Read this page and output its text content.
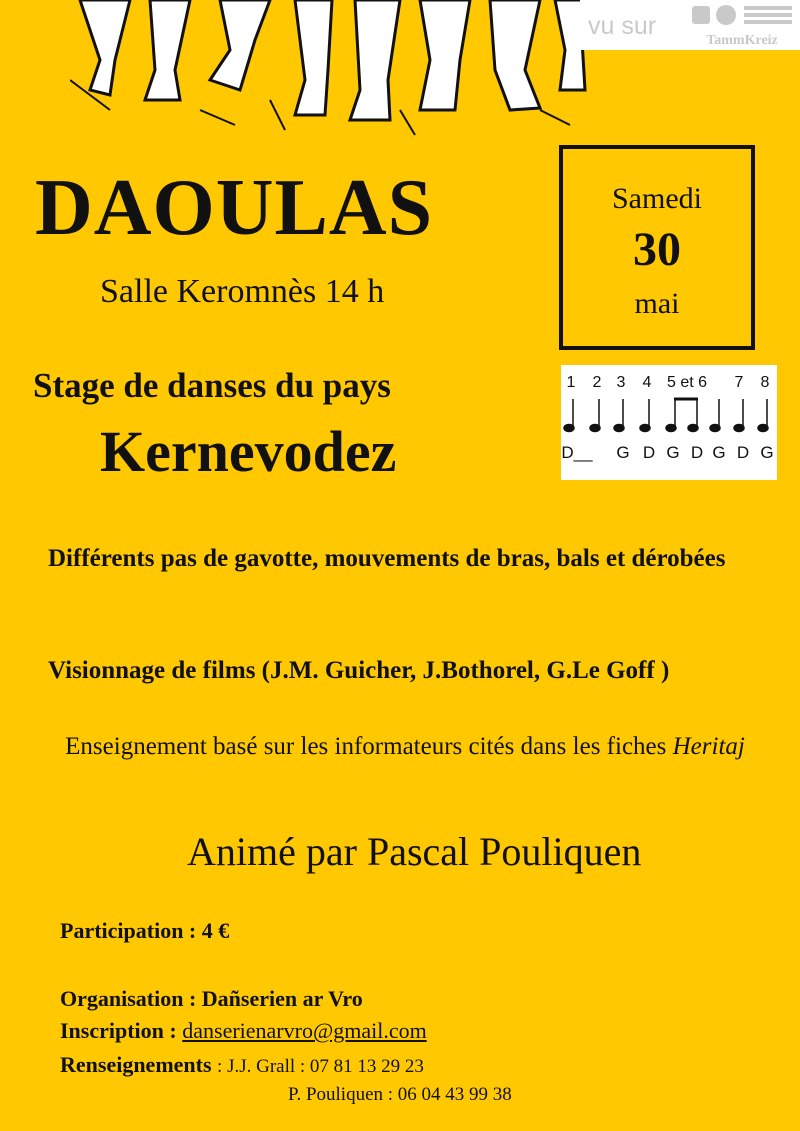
vu sur
TammKreiz
DAOULAS
Salle Keromnès 14 h
Samedi
30
mai
Stage de danses du pays
Kernevodez
1 2 3 4 5 et 6 7 8
D__ G D G D G D G
Différents pas de gavotte, mouvements de bras, bals et dérobées
Visionnage de films (J.M. Guicher, J.Bothorel, G.Le Goff )
Enseignement basé sur les informateurs cités dans les fiches Heritaj
Animé par Pascal Pouliquen
Participation : 4 €
Organisation : Dañserien ar Vro
Inscription : danserienarvro@gmail.com
Renseignements : J.J. Grall : 07 81 13 29 23
P. Pouliquen : 06 04 43 99 38
